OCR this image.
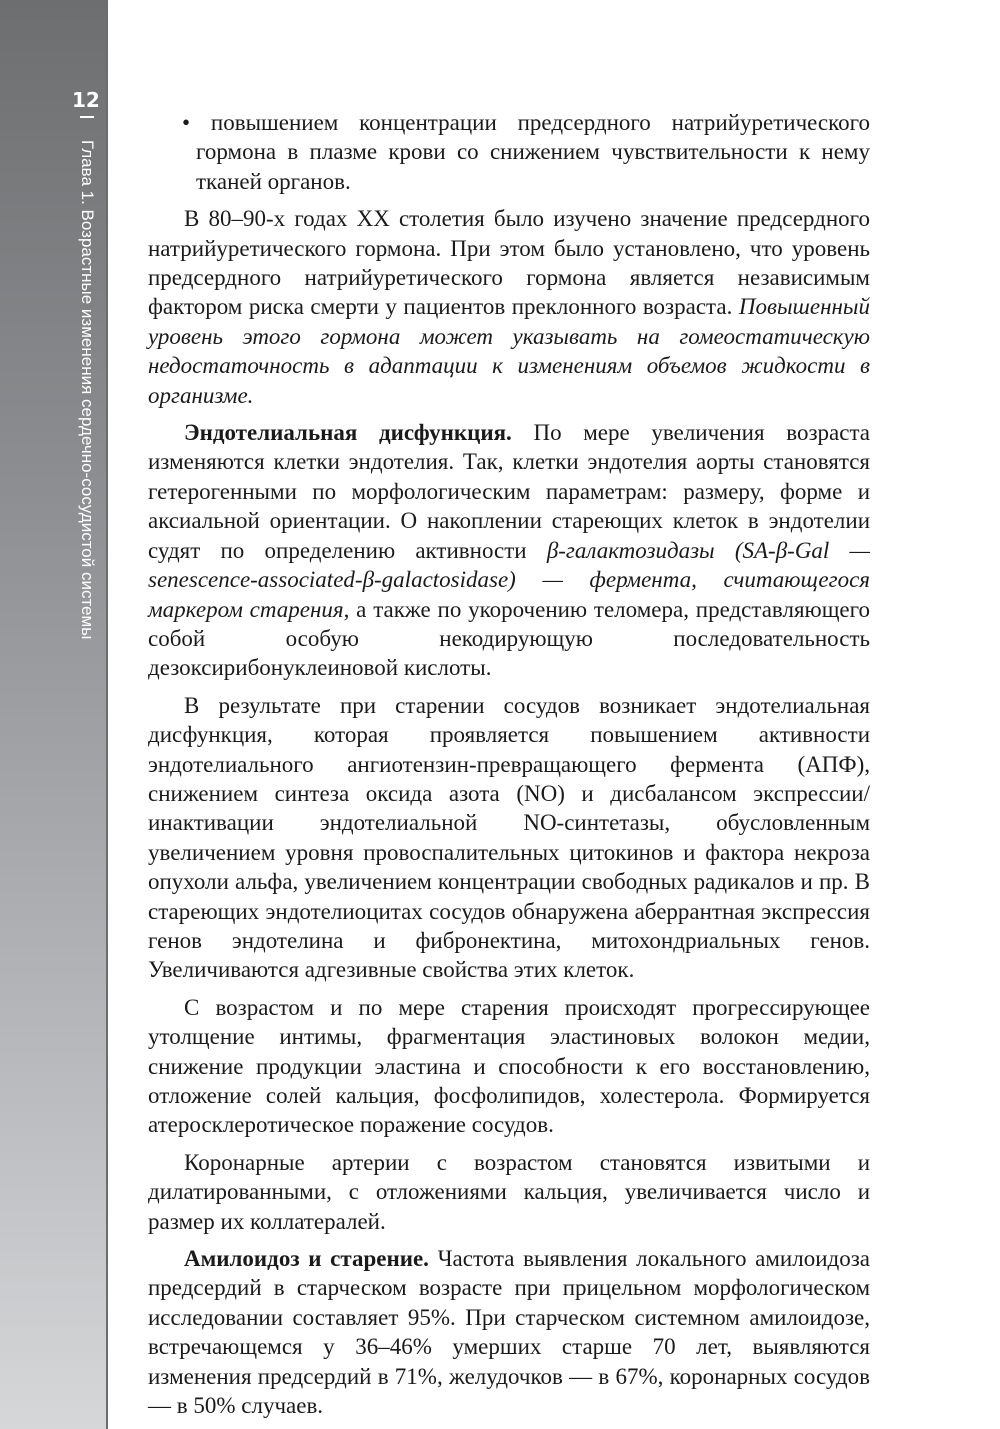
12
Глава 1. Возрастные изменения сердечно-сосудистой системы

• повышением концентрации предсердного натрийуретического гормона в плазме крови со снижением чувствительности к нему тканей органов.

В 80–90-х годах XX столетия было изучено значение предсердного натрийуретического гормона. При этом было установлено, что уровень предсердного натрийуретического гормона является независимым фактором риска смерти у пациентов преклонного возраста. Повышенный уровень этого гормона может указывать на гомеостатическую недостаточность в адаптации к изменениям объемов жидкости в организме.

Эндотелиальная дисфункция. По мере увеличения возраста изменяются клетки эндотелия. Так, клетки эндотелия аорты становятся гетерогенными по морфологическим параметрам: размеру, форме и аксиальной ориентации. О накоплении стареющих клеток в эндотелии судят по определению активности β-галактозидазы (SA-β-Gal — senescence-associated-β-galactosidase) — фермента, считающегося маркером старения, а также по укорочению теломера, представляющего собой особую некодирующую последовательность дезоксирибонуклеиновой кислоты.

В результате при старении сосудов возникает эндотелиальная дисфункция, которая проявляется повышением активности эндотелиального ангиотензин-превращающего фермента (АПФ), снижением синтеза оксида азота (NO) и дисбалансом экспрессии/инактивации эндотелиальной NO-синтетазы, обусловленным увеличением уровня провоспалительных цитокинов и фактора некроза опухоли альфа, увеличением концентрации свободных радикалов и пр. В стареющих эндотелиоцитах сосудов обнаружена аберрантная экспрессия генов эндотелина и фибронектина, митохондриальных генов. Увеличиваются адгезивные свойства этих клеток.

С возрастом и по мере старения происходят прогрессирующее утолщение интимы, фрагментация эластиновых волокон медии, снижение продукции эластина и способности к его восстановлению, отложение солей кальция, фосфолипидов, холестерола. Формируется атеросклеротическое поражение сосудов.

Коронарные артерии с возрастом становятся извитыми и дилатированными, с отложениями кальция, увеличивается число и размер их коллатералей.

Амилоидоз и старение. Частота выявления локального амилоидоза предсердий в старческом возрасте при прицельном морфологическом исследовании составляет 95%. При старческом системном амилоидозе, встречающемся у 36–46% умерших старше 70 лет, выявляются изменения предсердий в 71%, желудочков — в 67%, коронарных сосудов — в 50% случаев.
